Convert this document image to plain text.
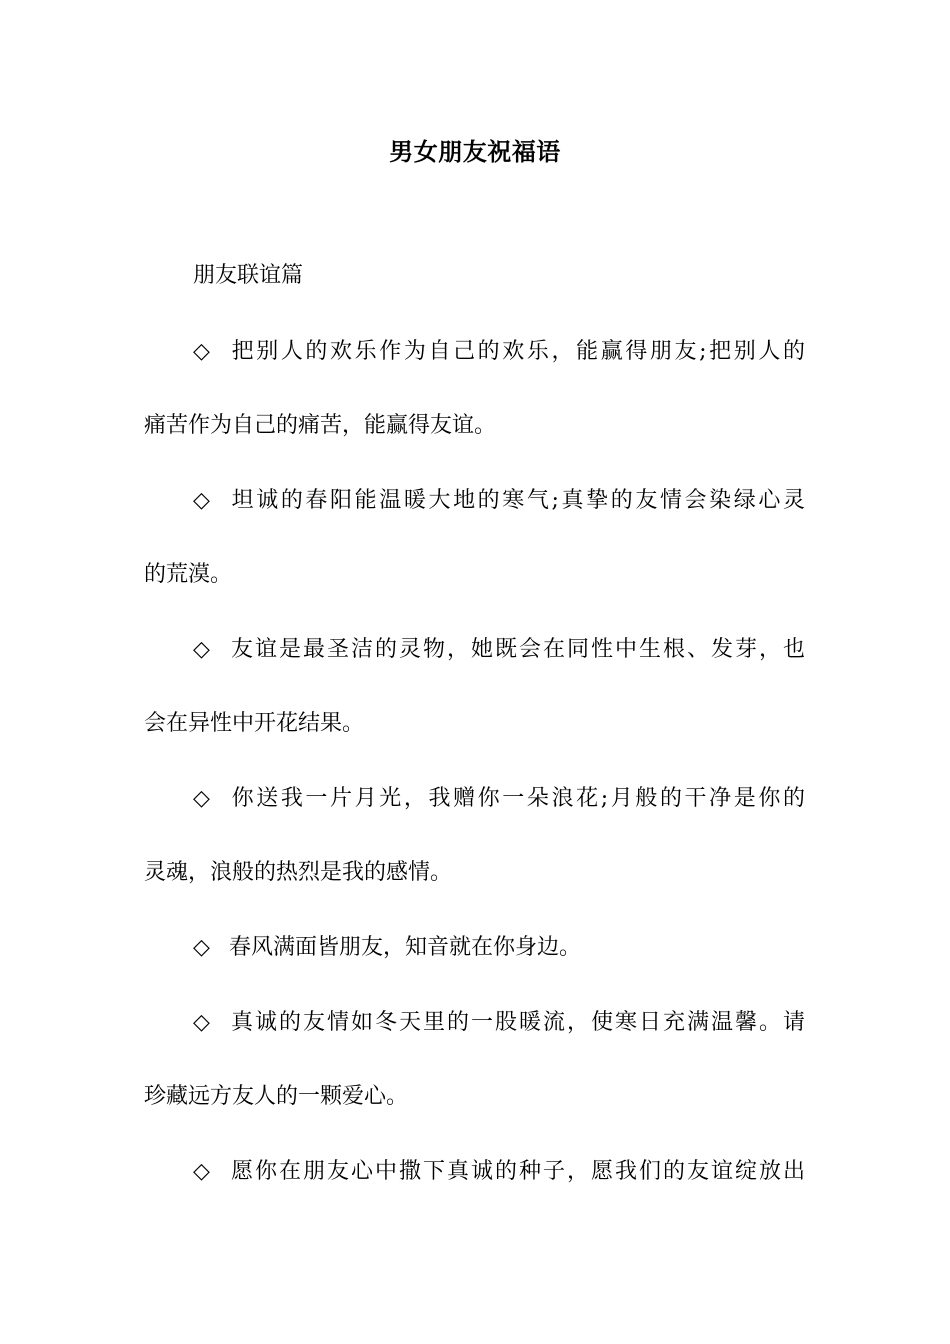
男女朋友祝福语
朋友联谊篇
◇ 把别人的欢乐作为自己的欢乐，能赢得朋友;把别人的
痛苦作为自己的痛苦，能赢得友谊。
◇ 坦诚的春阳能温暖大地的寒气;真挚的友情会染绿心灵
的荒漠。
◇ 友谊是最圣洁的灵物，她既会在同性中生根、发芽，也
会在异性中开花结果。
◇ 你送我一片月光，我赠你一朵浪花;月般的干净是你的
灵魂，浪般的热烈是我的感情。
◇ 春风满面皆朋友，知音就在你身边。
◇ 真诚的友情如冬天里的一股暖流，使寒日充满温馨。请
珍藏远方友人的一颗爱心。
◇ 愿你在朋友心中撒下真诚的种子，愿我们的友谊绽放出
